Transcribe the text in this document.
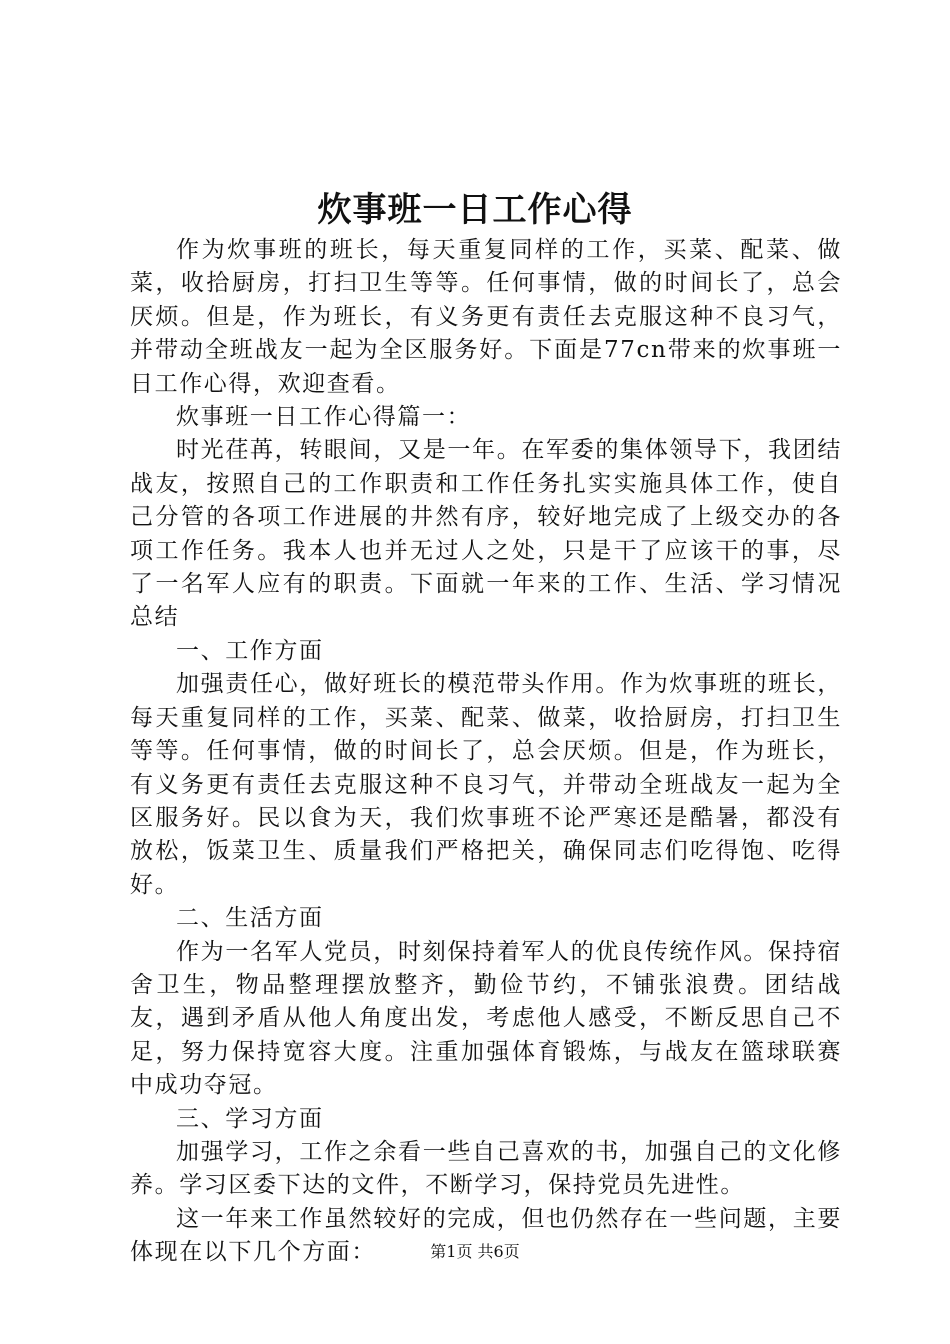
炊事班一日工作心得

作为炊事班的班长，每天重复同样的工作，买菜、配菜、做菜，收拾厨房，打扫卫生等等。任何事情，做的时间长了，总会厌烦。但是，作为班长，有义务更有责任去克服这种不良习气，并带动全班战友一起为全区服务好。下面是77cn带来的炊事班一日工作心得，欢迎查看。

炊事班一日工作心得篇一：

时光荏苒，转眼间，又是一年。在军委的集体领导下，我团结战友，按照自己的工作职责和工作任务扎实实施具体工作，使自己分管的各项工作进展的井然有序，较好地完成了上级交办的各项工作任务。我本人也并无过人之处，只是干了应该干的事，尽了一名军人应有的职责。下面就一年来的工作、生活、学习情况总结

一、工作方面

加强责任心，做好班长的模范带头作用。作为炊事班的班长，每天重复同样的工作，买菜、配菜、做菜，收拾厨房，打扫卫生等等。任何事情，做的时间长了，总会厌烦。但是，作为班长，有义务更有责任去克服这种不良习气，并带动全班战友一起为全区服务好。民以食为天，我们炊事班不论严寒还是酷暑，都没有放松，饭菜卫生、质量我们严格把关，确保同志们吃得饱、吃得好。

二、生活方面

作为一名军人党员，时刻保持着军人的优良传统作风。保持宿舍卫生，物品整理摆放整齐，勤俭节约，不铺张浪费。团结战友，遇到矛盾从他人角度出发，考虑他人感受，不断反思自己不足，努力保持宽容大度。注重加强体育锻炼，与战友在篮球联赛中成功夺冠。

三、学习方面

加强学习，工作之余看一些自己喜欢的书，加强自己的文化修养。学习区委下达的文件，不断学习，保持党员先进性。

这一年来工作虽然较好的完成，但也仍然存在一些问题，主要体现在以下几个方面：	第1页 共6页
